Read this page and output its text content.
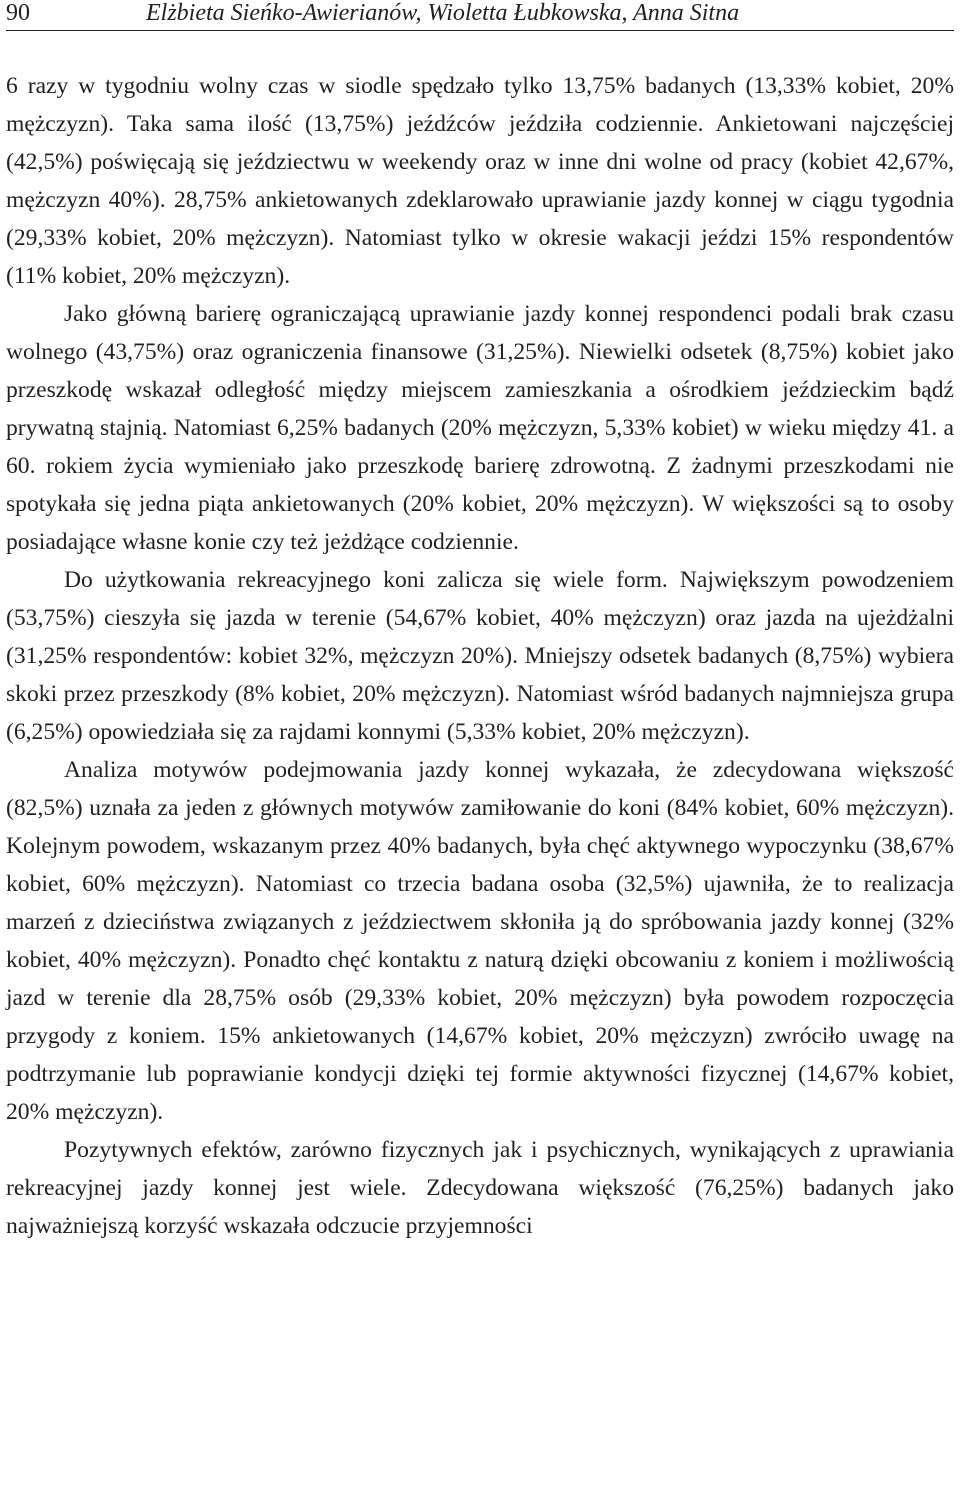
90	Elżbieta Sieńko-Awierianów, Wioletta Łubkowska, Anna Sitna

6 razy w tygodniu wolny czas w siodle spędzało tylko 13,75% badanych (13,33% kobiet, 20% mężczyzn). Taka sama ilość (13,75%) jeźdźców jeździła codziennie. Ankietowani najczęściej (42,5%) poświęcają się jeździectwu w weekendy oraz w inne dni wolne od pracy (kobiet 42,67%, mężczyzn 40%). 28,75% ankietowanych zdeklarowało uprawianie jazdy konnej w ciągu tygodnia (29,33% kobiet, 20% mężczyzn). Natomiast tylko w okresie wakacji jeździ 15% respondentów (11% kobiet, 20% mężczyzn).

Jako główną barierę ograniczającą uprawianie jazdy konnej respondenci podali brak czasu wolnego (43,75%) oraz ograniczenia finansowe (31,25%). Niewielki odsetek (8,75%) kobiet jako przeszkodę wskazał odległość między miejscem zamieszkania a ośrodkiem jeździeckim bądź prywatną stajnią. Natomiast 6,25% badanych (20% mężczyzn, 5,33% kobiet) w wieku między 41. a 60. rokiem życia wymieniało jako przeszkodę barierę zdrowotną. Z żadnymi przeszkodami nie spotykała się jedna piąta ankietowanych (20% kobiet, 20% mężczyzn). W większości są to osoby posiadające własne konie czy też jeżdżące codziennie.

Do użytkowania rekreacyjnego koni zalicza się wiele form. Największym powodzeniem (53,75%) cieszyła się jazda w terenie (54,67% kobiet, 40% mężczyzn) oraz jazda na ujeżdżalni (31,25% respondentów: kobiet 32%, mężczyzn 20%). Mniejszy odsetek badanych (8,75%) wybiera skoki przez przeszkody (8% kobiet, 20% mężczyzn). Natomiast wśród badanych najmniejsza grupa (6,25%) opowiedziała się za rajdami konnymi (5,33% kobiet, 20% mężczyzn).

Analiza motywów podejmowania jazdy konnej wykazała, że zdecydowana większość (82,5%) uznała za jeden z głównych motywów zamiłowanie do koni (84% kobiet, 60% mężczyzn). Kolejnym powodem, wskazanym przez 40% badanych, była chęć aktywnego wypoczynku (38,67% kobiet, 60% mężczyzn). Natomiast co trzecia badana osoba (32,5%) ujawniła, że to realizacja marzeń z dzieciństwa związanych z jeździectwem skłoniła ją do spróbowania jazdy konnej (32% kobiet, 40% mężczyzn). Ponadto chęć kontaktu z naturą dzięki obcowaniu z koniem i możliwością jazd w terenie dla 28,75% osób (29,33% kobiet, 20% mężczyzn) była powodem rozpoczęcia przygody z koniem. 15% ankietowanych (14,67% kobiet, 20% mężczyzn) zwróciło uwagę na podtrzymanie lub poprawianie kondycji dzięki tej formie aktywności fizycznej (14,67% kobiet, 20% mężczyzn).

Pozytywnych efektów, zarówno fizycznych jak i psychicznych, wynikających z uprawiania rekreacyjnej jazdy konnej jest wiele. Zdecydowana większość (76,25%) badanych jako najważniejszą korzyść wskazała odczucie przyjemności
